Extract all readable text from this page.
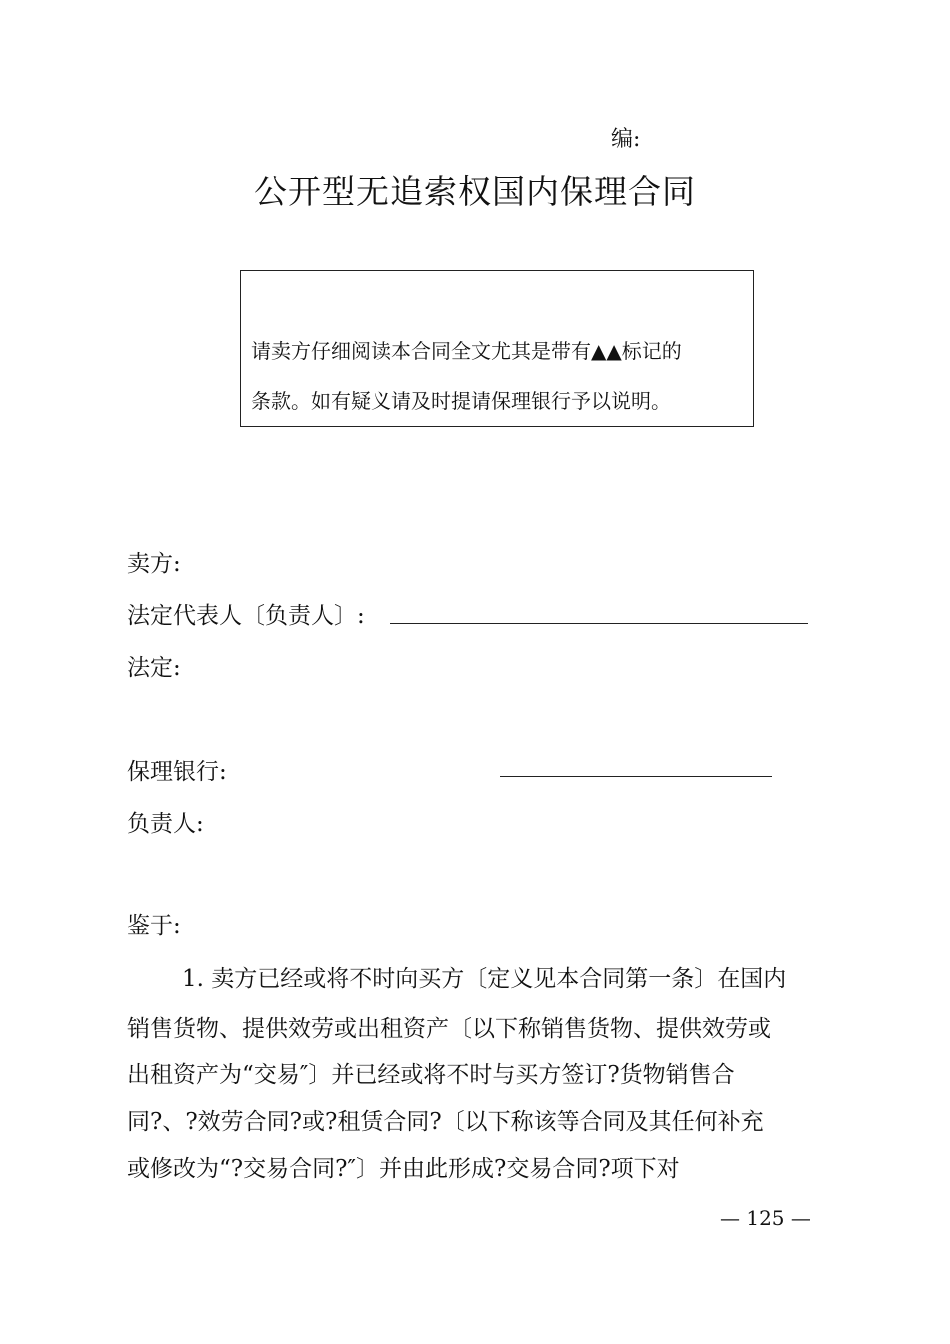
编:
公开型无追索权国内保理合同
请卖方仔细阅读本合同全文尤其是带有▲▲标记的
条款。如有疑义请及时提请保理银行予以说明。
卖方:
法定代表人〔负责人〕:
法定:
保理银行:
负责人:
鉴于:
1. 卖方已经或将不时向买方〔定义见本合同第一条〕在国内
销售货物、提供效劳或出租资产〔以下称销售货物、提供效劳或
出租资产为“交易″〕并已经或将不时与买方签订?货物销售合
同?、?效劳合同?或?租赁合同?〔以下称该等合同及其任何补充
或修改为“?交易合同?″〕并由此形成?交易合同?项下对
— 125 —
